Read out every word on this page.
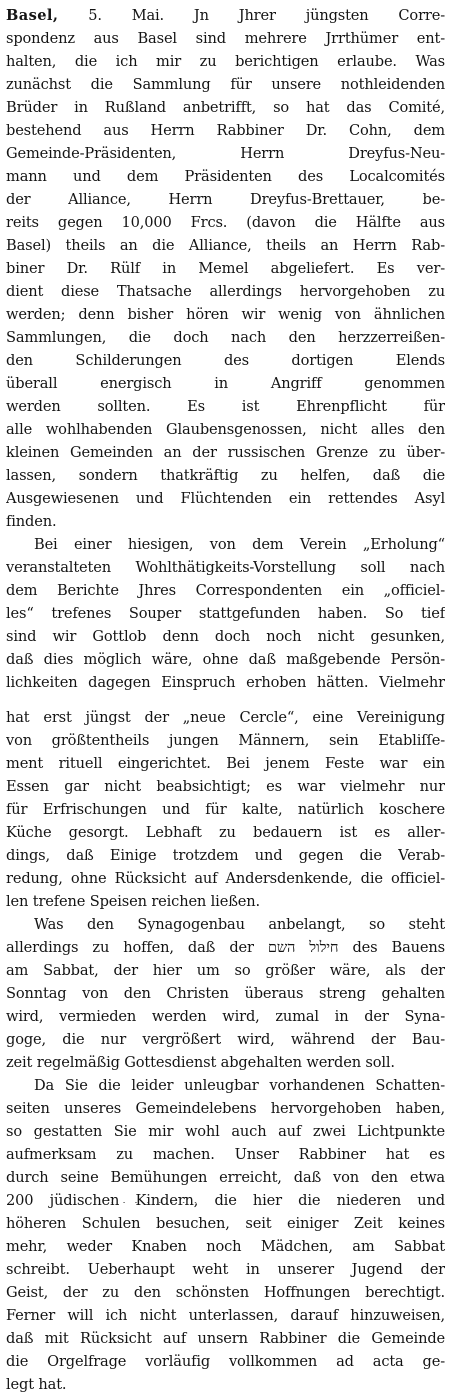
Basel, 5. Mai. Jn Jhrer jüngsten Corre-
spondenz aus Basel sind mehrere Jrrthümer ent-
halten, die ich mir zu berichtigen erlaube. Was
zunächst die Sammlung für unsere nothleidenden
Brüder in Rußland anbetrifft, so hat das Comité,
bestehend aus Herrn Rabbiner Dr. Cohn, dem
Gemeinde-Präsidenten, Herrn Dreyfus-Neu-
mann und dem Präsidenten des Localcomités
der Alliance, Herrn Dreyfus-Brettauer, be-
reits gegen 10,000 Frcs. (davon die Hälfte aus
Basel) theils an die Alliance, theils an Herrn Rab-
biner Dr. Rülf in Memel abgeliefert. Es ver-
dient diese Thatsache allerdings hervorgehoben zu
werden; denn bisher hören wir wenig von ähnlichen
Sammlungen, die doch nach den herzzerreißen-
den Schilderungen des dortigen Elends
überall energisch in Angriff genommen
werden sollten. Es ist Ehrenpflicht für
alle wohlhabenden Glaubensgenossen, nicht alles den
kleinen Gemeinden an der russischen Grenze zu über-
lassen, sondern thatkräftig zu helfen, daß die
Ausgewiesenen und Flüchtenden ein rettendes Asyl
finden.
Bei einer hiesigen, von dem Verein „Erholung“
veranstalteten Wohlthätigkeits-Vorstellung soll nach
dem Berichte Jhres Correspondenten ein „officiel-
les“ trefenes Souper stattgefunden haben. So tief
sind wir Gottlob denn doch noch nicht gesunken,
daß dies möglich wäre, ohne daß maßgebende Persön-
lichkeiten dagegen Einspruch erhoben hätten. Vielmehr
hat erst jüngst der „neue Cercle“, eine Vereinigung
von größtentheils jungen Männern, sein Etabliſſe-
ment rituell eingerichtet. Bei jenem Feste war ein
Essen gar nicht beabsichtigt; es war vielmehr nur
für Erfrischungen und für kalte, natürlich koschere
Küche gesorgt. Lebhaft zu bedauern ist es aller-
dings, daß Einige trotzdem und gegen die Verab-
redung, ohne Rücksicht auf Andersdenkende, die officiel-
len trefene Speisen reichen ließen.
Was den Synagogenbau anbelangt, so steht
allerdings zu hoffen, daß der חילול השם des Bauens
am Sabbat, der hier um so größer wäre, als der
Sonntag von den Christen überaus streng gehalten
wird, vermieden werden wird, zumal in der Syna-
goge, die nur vergrößert wird, während der Bau-
zeit regelmäßig Gottesdienst abgehalten werden soll.
Da Sie die leider unleugbar vorhandenen Schatten-
seiten unseres Gemeindelebens hervorgehoben haben,
so gestatten Sie mir wohl auch auf zwei Lichtpunkte
aufmerksam zu machen. Unser Rabbiner hat es
durch seine Bemühungen erreicht, daß von den etwa
200 jüdischen Kindern, die hier die niederen und
höheren Schulen besuchen, seit einiger Zeit keines
mehr, weder Knaben noch Mädchen, am Sabbat
schreibt. Ueberhaupt weht in unserer Jugend der
Geist, der zu den schönsten Hoffnungen berechtigt.
Ferner will ich nicht unterlassen, darauf hinzuweisen,
daß mit Rücksicht auf unsern Rabbiner die Gemeinde
die Orgelfrage vorläufig vollkommen ad acta ge-
legt hat.
